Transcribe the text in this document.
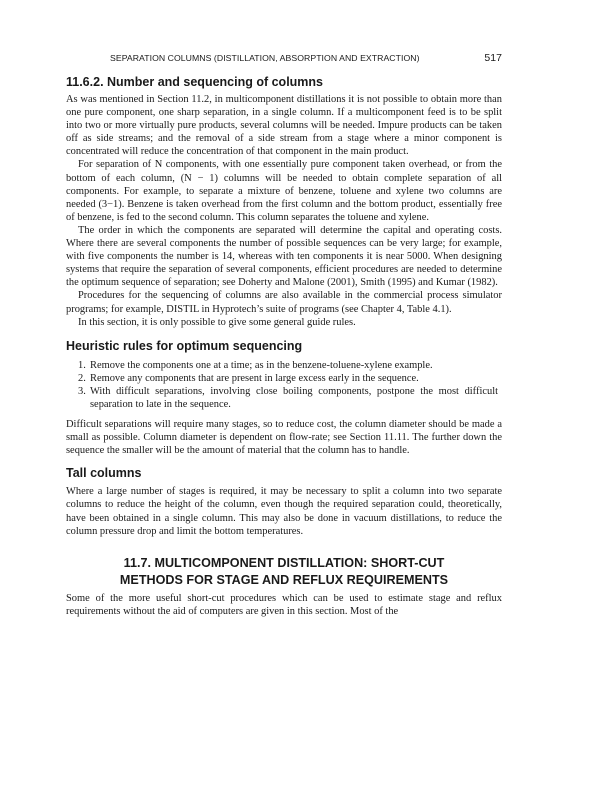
SEPARATION COLUMNS (DISTILLATION, ABSORPTION AND EXTRACTION)	517
11.6.2. Number and sequencing of columns

As was mentioned in Section 11.2, in multicomponent distillations it is not possible to obtain more than one pure component, one sharp separation, in a single column. If a multicomponent feed is to be split into two or more virtually pure products, several columns will be needed. Impure products can be taken off as side streams; and the removal of a side stream from a stage where a minor component is concentrated will reduce the concentration of that component in the main product.

For separation of N components, with one essentially pure component taken overhead, or from the bottom of each column, (N − 1) columns will be needed to obtain complete separation of all components. For example, to separate a mixture of benzene, toluene and xylene two columns are needed (3−1). Benzene is taken overhead from the first column and the bottom product, essentially free of benzene, is fed to the second column. This column separates the toluene and xylene.

The order in which the components are separated will determine the capital and operating costs. Where there are several components the number of possible sequences can be very large; for example, with five components the number is 14, whereas with ten components it is near 5000. When designing systems that require the separation of several components, efficient procedures are needed to determine the optimum sequence of separation; see Doherty and Malone (2001), Smith (1995) and Kumar (1982).

Procedures for the sequencing of columns are also available in the commercial process simulator programs; for example, DISTIL in Hyprotech’s suite of programs (see Chapter 4, Table 4.1).

In this section, it is only possible to give some general guide rules.

Heuristic rules for optimum sequencing
1. Remove the components one at a time; as in the benzene-toluene-xylene example.
2. Remove any components that are present in large excess early in the sequence.
3. With difficult separations, involving close boiling components, postpone the most difficult separation to late in the sequence.

Difficult separations will require many stages, so to reduce cost, the column diameter should be made a small as possible. Column diameter is dependent on flow-rate; see Section 11.11. The further down the sequence the smaller will be the amount of material that the column has to handle.

Tall columns

Where a large number of stages is required, it may be necessary to split a column into two separate columns to reduce the height of the column, even though the required separation could, theoretically, have been obtained in a single column. This may also be done in vacuum distillations, to reduce the column pressure drop and limit the bottom temperatures.

11.7. MULTICOMPONENT DISTILLATION: SHORT-CUT
METHODS FOR STAGE AND REFLUX REQUIREMENTS

Some of the more useful short-cut procedures which can be used to estimate stage and reflux requirements without the aid of computers are given in this section. Most of the
